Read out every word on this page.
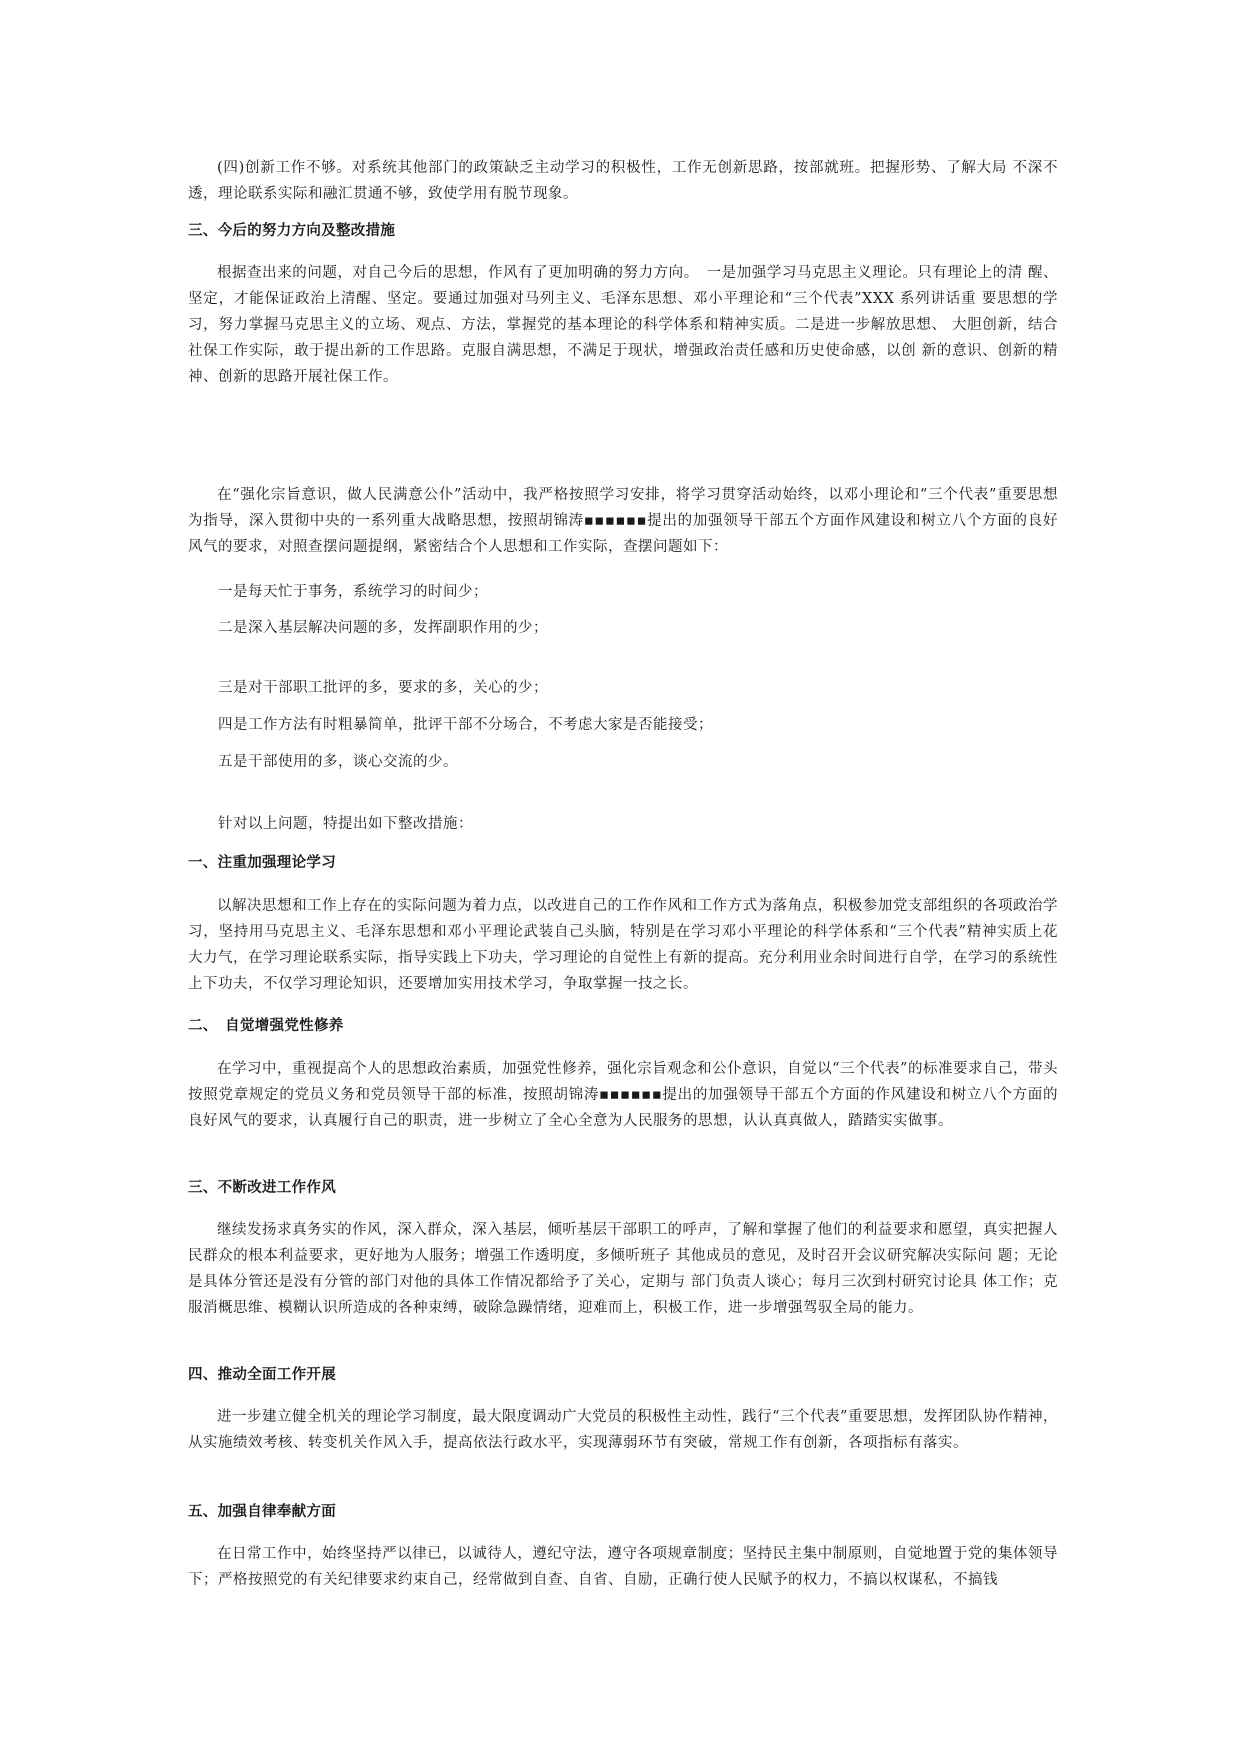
(四)创新工作不够。对系统其他部门的政策缺乏主动学习的积极性，工作无创新思路，按部就班。把握形势、了解大局 不深不透，理论联系实际和融汇贯通不够，致使学用有脱节现象。

三、今后的努力方向及整改措施

根据查出来的问题，对自己今后的思想，作风有了更加明确的努力方向。　一是加强学习马克思主义理论。只有理论上的清 醒、坚定，才能保证政治上清醒、坚定。要通过加强对马列主义、毛泽东思想、邓小平理论和“三个代表”XXX 系列讲话重 要思想的学习，努力掌握马克思主义的立场、观点、方法，掌握党的基本理论的科学体系和精神实质。二是进一步解放思想、 大胆创新，结合社保工作实际，敢于提出新的工作思路。克服自满思想，不满足于现状，增强政治责任感和历史使命感，以创 新的意识、创新的精神、创新的思路开展社保工作。

在“强化宗旨意识，做人民满意公仆”活动中，我严格按照学习安排，将学习贯穿活动始终，以邓小理论和“三个代表”重要思想为指导，深入贯彻中央的一系列重大战略思想，按照胡锦涛▪▪▪▪▪▪提出的加强领导干部五个方面作风建设和树立八个方面的良好风气的要求，对照查摆问题提纲，紧密结合个人思想和工作实际，查摆问题如下：

一是每天忙于事务，系统学习的时间少；

二是深入基层解决问题的多，发挥副职作用的少；

三是对干部职工批评的多，要求的多，关心的少；

四是工作方法有时粗暴简单，批评干部不分场合，不考虑大家是否能接受；

五是干部使用的多，谈心交流的少。

针对以上问题，特提出如下整改措施：

一、注重加强理论学习

以解决思想和工作上存在的实际问题为着力点，以改进自己的工作作风和工作方式为落角点，积极参加党支部组织的各项政治学习，坚持用马克思主义、毛泽东思想和邓小平理论武装自己头脑，特别是在学习邓小平理论的科学体系和“三个代表”精神实质上花大力气，在学习理论联系实际，指导实践上下功夫，学习理论的自觉性上有新的提高。充分利用业余时间进行自学，在学习的系统性上下功夫，不仅学习理论知识，还要增加实用技术学习，争取掌握一技之长。

二、　自觉增强党性修养

在学习中，重视提高个人的思想政治素质，加强党性修养，强化宗旨观念和公仆意识，自觉以“三个代表”的标准要求自己，带头按照党章规定的党员义务和党员领导干部的标准，按照胡锦涛▪▪▪▪▪▪提出的加强领导干部五个方面的作风建设和树立八个方面的良好风气的要求，认真履行自己的职责，进一步树立了全心全意为人民服务的思想，认认真真做人，踏踏实实做事。

三、不断改进工作作风

继续发扬求真务实的作风，深入群众，深入基层，倾听基层干部职工的呼声，了解和掌握了他们的利益要求和愿望，真实把握人民群众的根本利益要求，更好地为人服务；增强工作透明度，多倾听班子 其他成员的意见，及时召开会议研究解决实际问 题；无论是具体分管还是没有分管的部门对他的具体工作情况都给予了关心，定期与 部门负责人谈心；每月三次到村研究讨论具 体工作；克服消概思维、模糊认识所造成的各种束缚，破除急躁情绪，迎难而上，积极工作，进一步增强驾驭全局的能力。

四、推动全面工作开展

进一步建立健全机关的理论学习制度，最大限度调动广大党员的积极性主动性，践行“三个代表”重要思想，发挥团队协作精神，从实施绩效考核、转变机关作风入手，提高依法行政水平，实现薄弱环节有突破，常规工作有创新，各项指标有落实。

五、加强自律奉献方面

在日常工作中，始终坚持严以律已，以诚待人，遵纪守法，遵守各项规章制度；坚持民主集中制原则，自觉地置于党的集体领导下；严格按照党的有关纪律要求约束自己，经常做到自查、自省、自励，正确行使人民赋予的权力，不搞以权谋私，不搞钱
